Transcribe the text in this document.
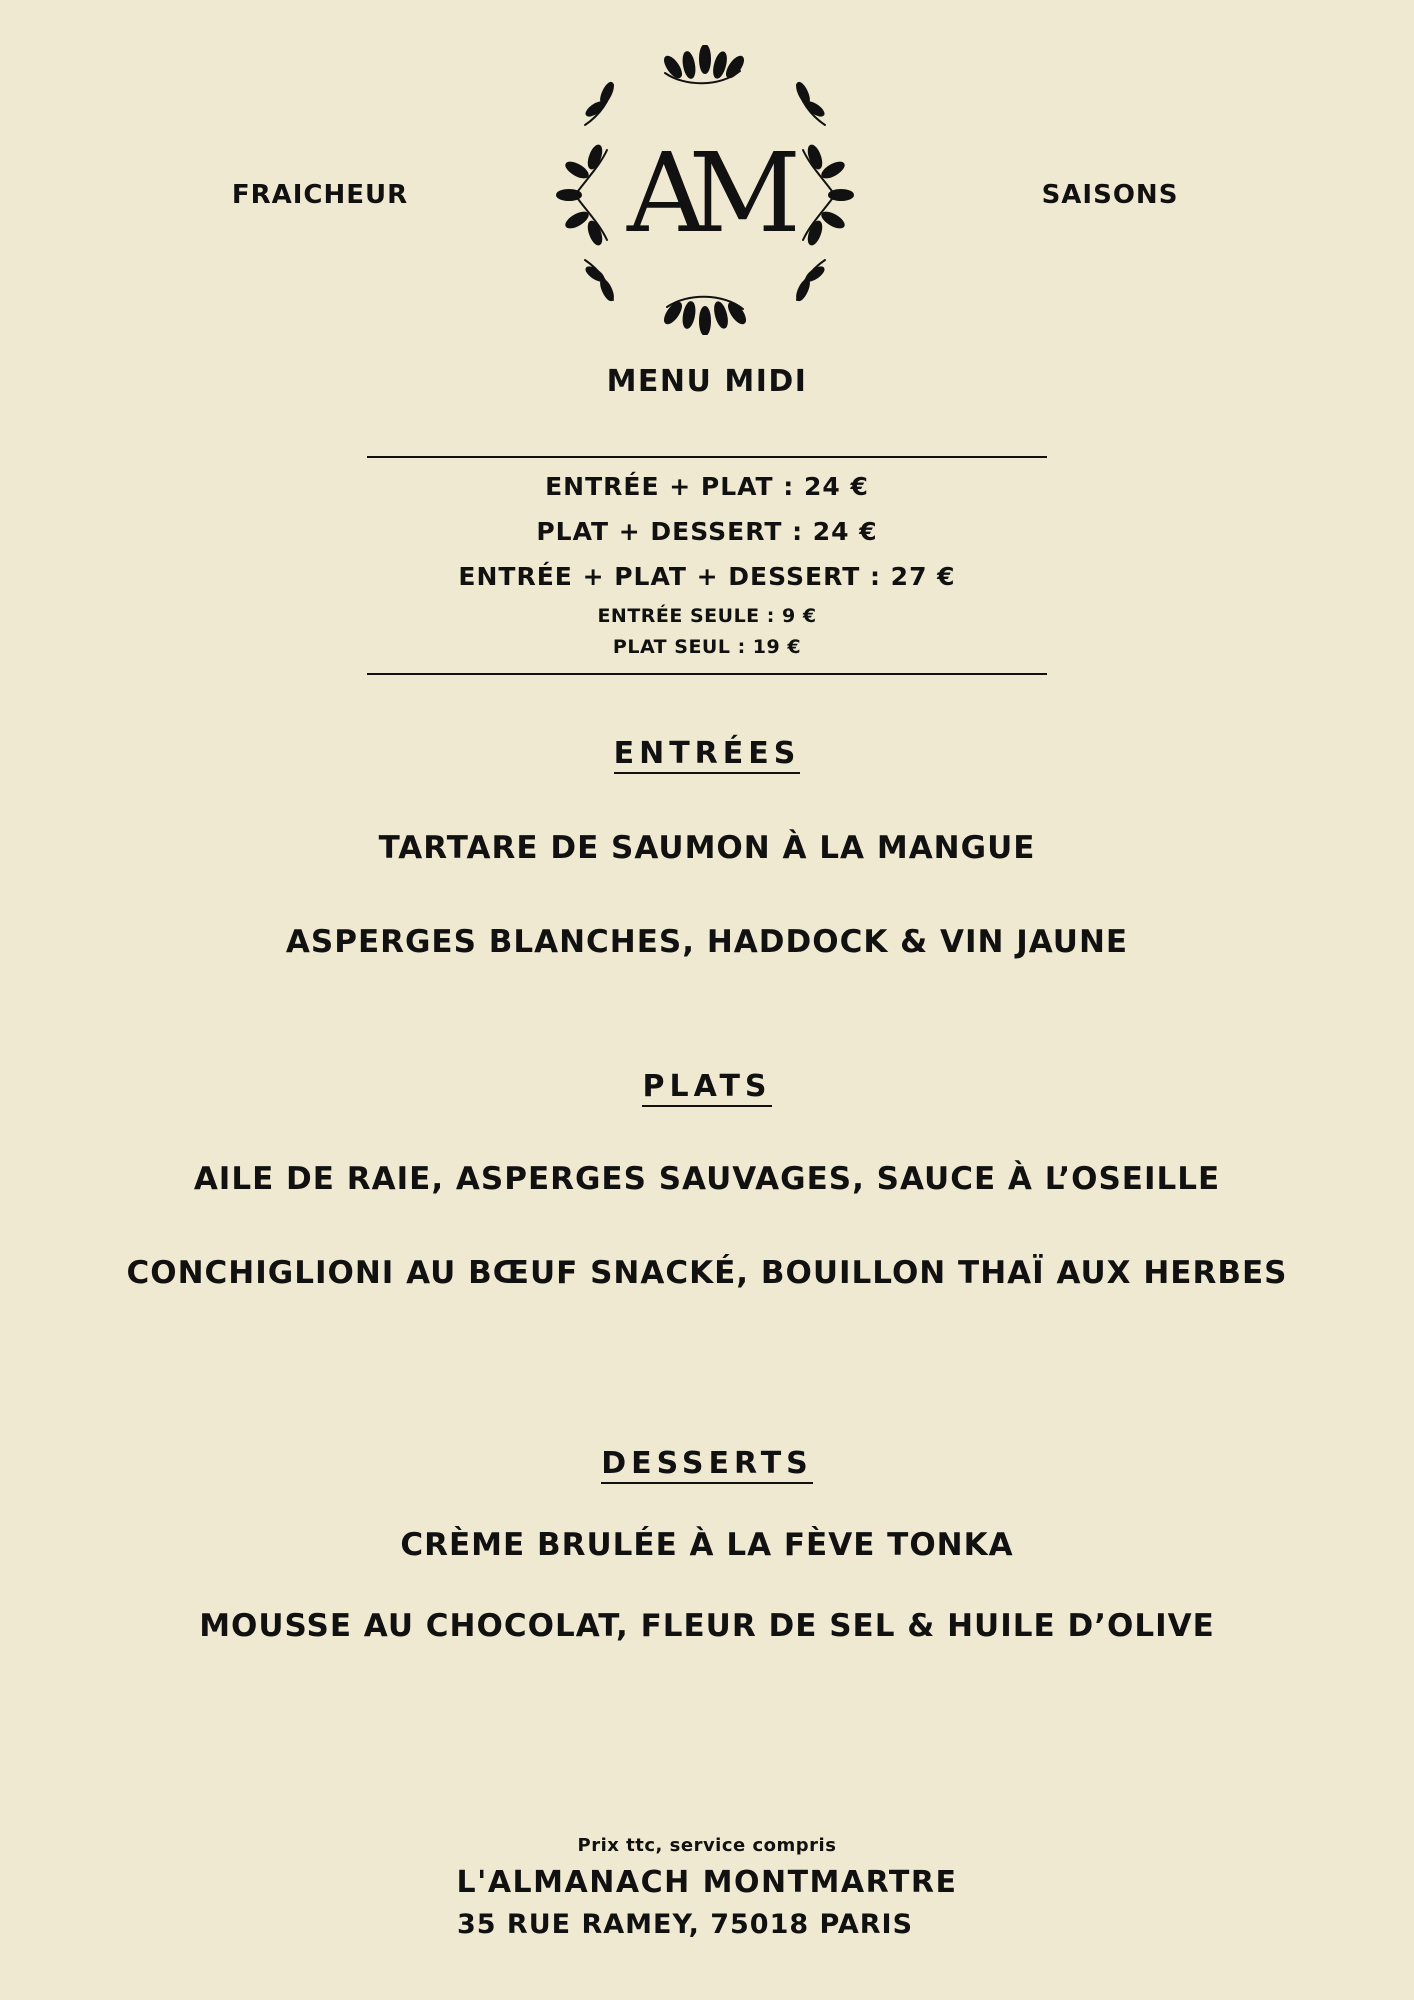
FRAICHEUR AM	SAISONS
MENU MIDI
ENTRÉE + PLAT : 24 €
PLAT + DESSERT : 24 €
ENTRÉE + PLAT + DESSERT : 27 €
ENTRÉE SEULE : 9 €
PLAT SEUL : 19 €
ENTRÉES
TARTARE DE SAUMON À LA MANGUE
ASPERGES BLANCHES, HADDOCK & VIN JAUNE
PLATS
AILE DE RAIE, ASPERGES SAUVAGES, SAUCE À L’OSEILLE
CONCHIGLIONI AU BŒUF SNACKÉ, BOUILLON THAÏ AUX HERBES
DESSERTS
CRÈME BRULÉE À LA FÈVE TONKA
MOUSSE AU CHOCOLAT, FLEUR DE SEL & HUILE D’OLIVE
Prix ttc, service compris
L'ALMANACH MONTMARTRE
35 RUE RAMEY, 75018 PARIS
